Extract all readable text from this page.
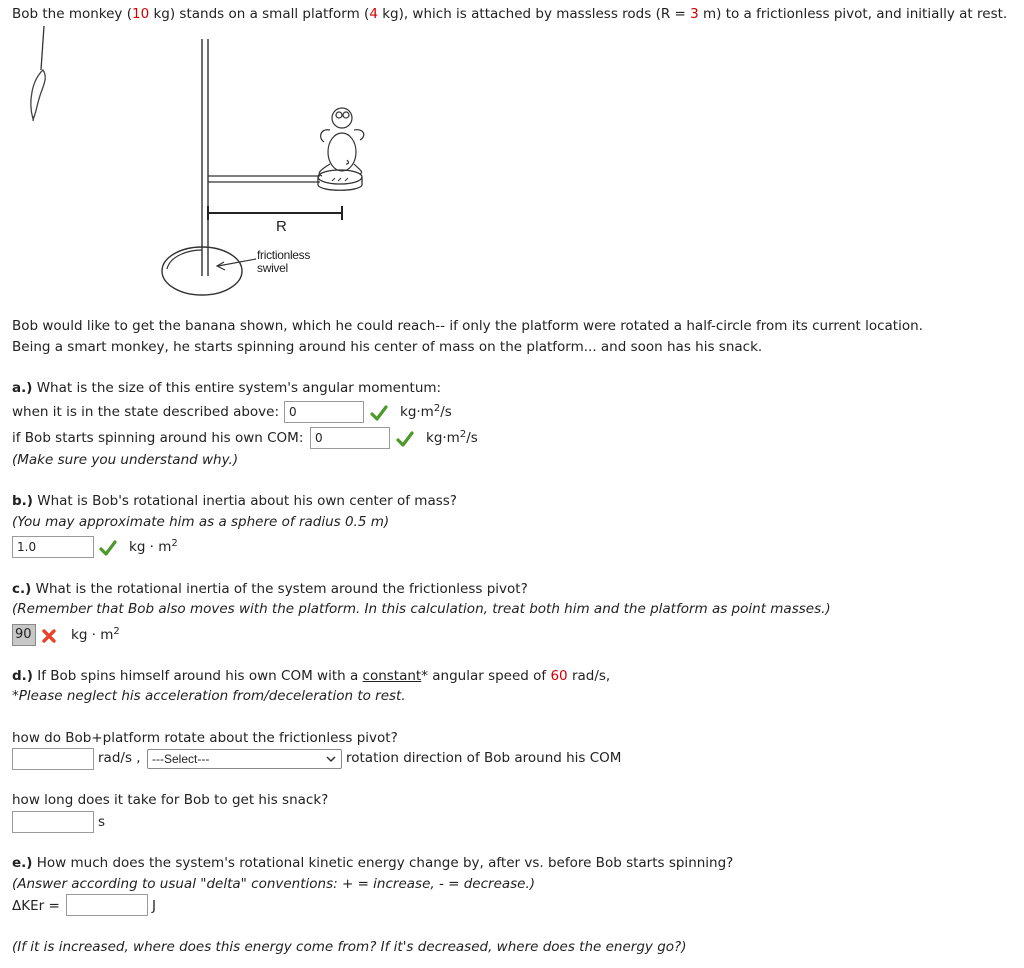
Bob the monkey (10 kg) stands on a small platform (4 kg), which is attached by massless rods (R = 3 m) to a frictionless pivot, and initially at rest.
R
frictionless
swivel
Bob would like to get the banana shown, which he could reach-- if only the platform were rotated a half-circle from its current location.
Being a smart monkey, he starts spinning around his center of mass on the platform... and soon has his snack.
a.) What is the size of this entire system's angular momentum:
when it is in the state described above: 0	$kg\cdot m^2/s$
if Bob starts spinning around his own COM: 0	$kg\cdot m^2/s$
(Make sure you understand why.)
b.) What is Bob's rotational inertia about his own center of mass?
(You may approximate him as a sphere of radius 0.5 m)
1.0	kg · $m^2$
c.) What is the rotational inertia of the system around the frictionless pivot?
(Remember that Bob also moves with the platform. In this calculation, treat both him and the platform as point masses.)
90	kg · $m^2$
d.) If Bob spins himself around his own COM with a constant* angular speed of 60 rad/s,
*Please neglect his acceleration from/deceleration to rest.
how do Bob+platform rotate about the frictionless pivot?
rad/s , ---Select---	rotation direction of Bob around his COM
how long does it take for Bob to get his snack?
s
e.) How much does the system's rotational kinetic energy change by, after vs. before Bob starts spinning?
(Answer according to usual "delta" conventions: + = increase, - = decrease.)
ΔKEr =	J
(If it is increased, where does this energy come from? If it's decreased, where does the energy go?)
